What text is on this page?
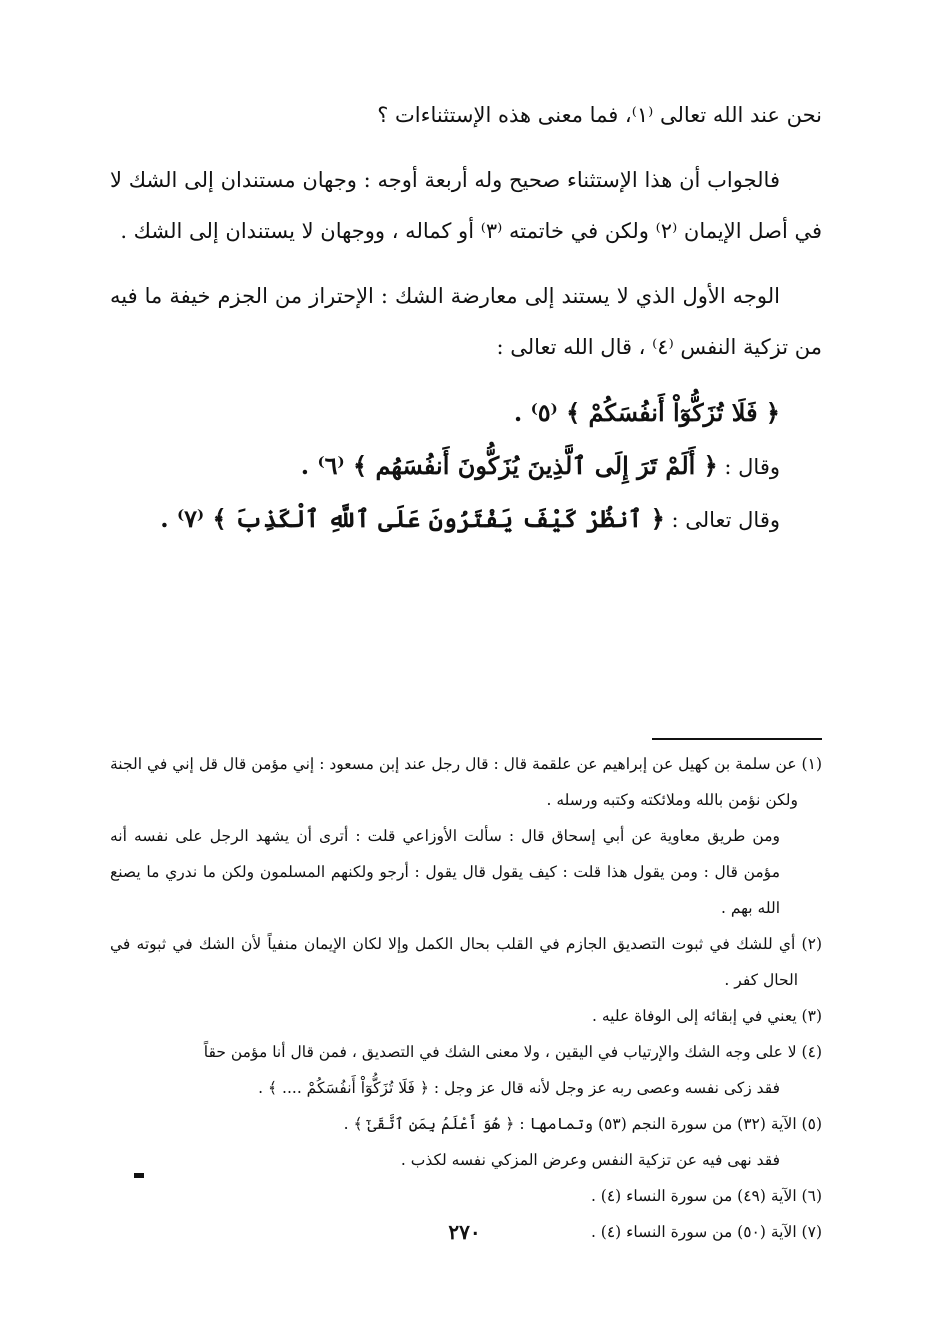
نحن عند الله تعالى ⁽١⁾، فما معنى هذه الإستثناءات ؟

فالجواب أن هذا الإستثناء صحيح وله أربعة أوجه : وجهان مستندان إلى الشك لا في أصل الإيمان ⁽٢⁾ ولكن في خاتمته ⁽٣⁾ أو كماله ، ووجهان لا يستندان إلى الشك .

الوجه الأول الذي لا يستند إلى معارضة الشك : الإحتراز من الجزم خيفة ما فيه من تزكية النفس ⁽٤⁾ ، قال الله تعالى :

﴿ فَلَا تُزَكُّوٓاْ أَنفُسَكُمْ ﴾ ⁽٥⁾ .

وقال : ﴿ أَلَمْ تَرَ إِلَى ٱلَّذِينَ يُزَكُّونَ أَنفُسَهُم ﴾ ⁽٦⁾ .

وقال تعالى : ﴿ ٱنظُرْ كَيْفَ يَفْتَرُونَ عَلَى ٱللَّهِ ٱلْكَذِبَ ﴾ ⁽٧⁾ .

(١) عن سلمة بن كهيل عن إبراهيم عن علقمة قال : قال رجل عند إبن مسعود : إني مؤمن قال قل إني في الجنة ولكن نؤمن بالله وملائكته وكتبه ورسله .

ومن طريق معاوية عن أبي إسحاق قال : سألت الأوزاعي قلت : أترى أن يشهد الرجل على نفسه أنه مؤمن قال : ومن يقول هذا قلت : كيف يقول قال يقول : أرجو ولكنهم المسلمون ولكن ما ندري ما يصنع الله بهم .

(٢) أي للشك في ثبوت التصديق الجازم في القلب بحال الكمل وإلا لكان الإيمان منفياً لأن الشك في ثبوته في الحال كفر .

(٣) يعني في إبقائه إلى الوفاة عليه .

(٤) لا على وجه الشك والإرتياب في اليقين ، ولا معنى الشك في التصديق ، فمن قال أنا مؤمن حقاً

فقد زكى نفسه وعصى ربه عز وجل لأنه قال عز وجل : ﴿ فَلَا تُزَكُّوٓاْ أَنفُسَكُمْ .... ﴾ .

(٥) الآية (٣٢) من سورة النجم (٥٣) وتمامها : ﴿ هُوَ أَعْلَمُ بِمَنِ ٱتَّقَىٰٓ ﴾ .

فقد نهى فيه عن تزكية النفس وعرض المزكي نفسه لكذب .

(٦) الآية (٤٩) من سورة النساء (٤) .

(٧) الآية (٥٠) من سورة النساء (٤) .

٢٧٠
